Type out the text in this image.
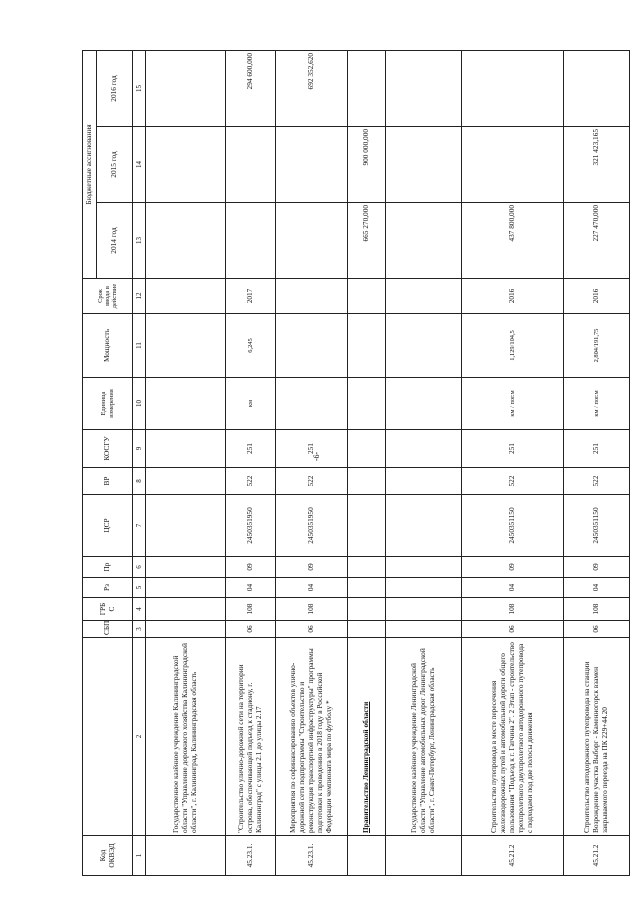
Код ОКВЭД		СБП	ГРБ С	Рз	Пр	ЦСР	ВР	КОСГУ	Единица измерения	Мощность	Срок ввода в действие	Бюджетные ассигнования		
												2014 год	2015 год	2016 год
1	2	3	4	5	6	7	8	9	10	11	12	13	14	15
	Государственное казённое учреждение Калининградской области "Управление дорожного хозяйства Калининградской области", г. Калининград, Калининградская область													
45.23.1.	"Строительство улично-дорожной сети на территории острова, обеспечивающей подъезд к стадиону, г. Калининград" с улицы 2.1 до улицы 2.17	06	108	04	09	2450351950	522	251	км	6,245	2017			294 600,000
45.23.1.	Мероприятия по софинансированию объектов улично-дорожной сети подпрограммы "Строительство и реконструкция транспортной инфраструктуры" программы подготовки к проведению в 2018 году в Российской Федерации чемпионата мира по футболу *	06	108	04	09	2450351950	522	251						692 352,620
	Правительство Ленинградской области											665 270,000	900 000,000	
	Государственное казённое учреждение Ленинградской области "Управление автомобильных дорог Ленинградской области", г. Санкт-Петербург, Ленинградская область													
45.21.2	Строительство путепровода в месте пересечения железнодорожных путей и автомобильной дороги общего пользования "Подъезд к г. Гатчина 2". 2 Этап - строительство трехпролетного двухпролетного автодорожного путепровода с подходами под две полосы движения	06	108	04	09	2450351150	522	251	км / пог.м	1,129/104,5	2016	437 800,000		
45.21.2	Строительство автодорожного путепровода на станции Возрождение участка Выборг - Каменногорск взамен закрываемого переезда на ПК 229+44.20	06	108	04	09	2450351150	522	251	км / пог.м	2,804/191,75	2016	227 470,000	321 423,165	
-6-
